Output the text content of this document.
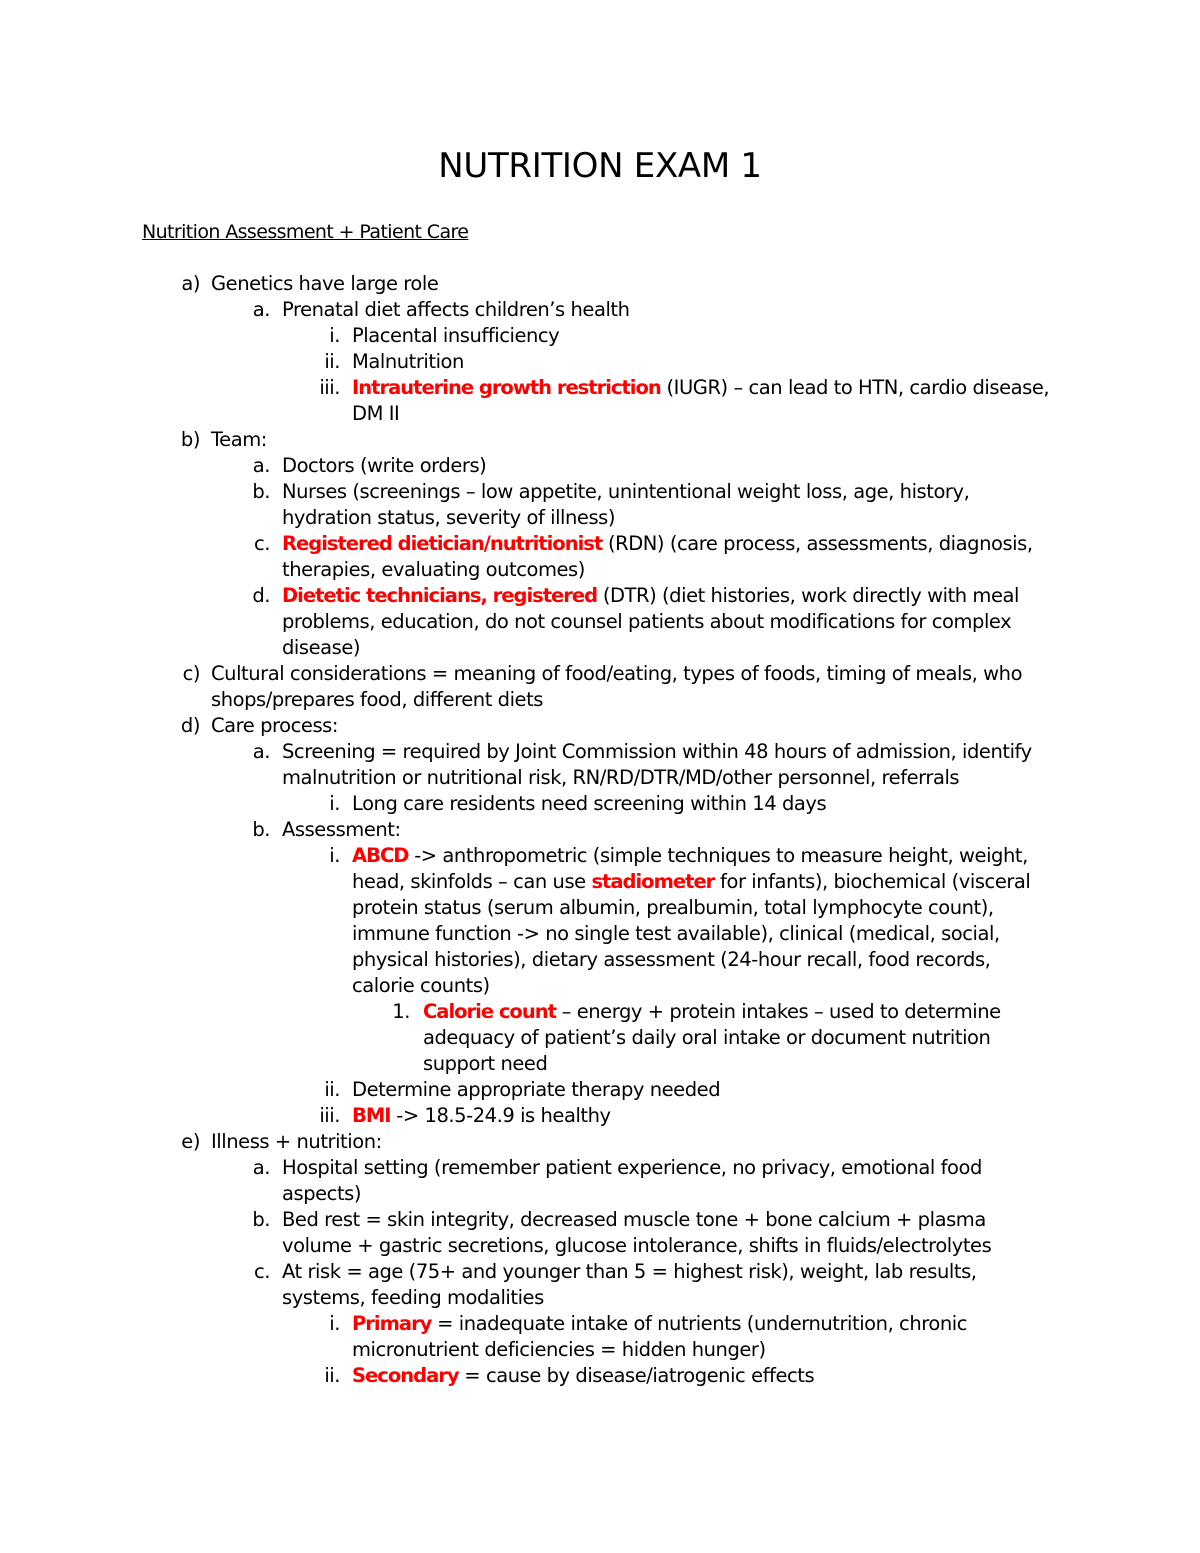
NUTRITION EXAM 1
Nutrition Assessment + Patient Care
a) Genetics have large role
a. Prenatal diet affects children’s health
i. Placental insufficiency
ii. Malnutrition
iii. Intrauterine growth restriction (IUGR) – can lead to HTN, cardio disease,
DM II
b) Team:
a. Doctors (write orders)
b. Nurses (screenings – low appetite, unintentional weight loss, age, history,
hydration status, severity of illness)
c. Registered dietician/nutritionist (RDN) (care process, assessments, diagnosis,
therapies, evaluating outcomes)
d. Dietetic technicians, registered (DTR) (diet histories, work directly with meal
problems, education, do not counsel patients about modifications for complex
disease)
c) Cultural considerations = meaning of food/eating, types of foods, timing of meals, who
shops/prepares food, different diets
d) Care process:
a. Screening = required by Joint Commission within 48 hours of admission, identify
malnutrition or nutritional risk, RN/RD/DTR/MD/other personnel, referrals
i. Long care residents need screening within 14 days
b. Assessment:
i. ABCD -> anthropometric (simple techniques to measure height, weight,
head, skinfolds – can use stadiometer for infants), biochemical (visceral
protein status (serum albumin, prealbumin, total lymphocyte count),
immune function -> no single test available), clinical (medical, social,
physical histories), dietary assessment (24-hour recall, food records,
calorie counts)
1. Calorie count – energy + protein intakes – used to determine
adequacy of patient’s daily oral intake or document nutrition
support need
ii. Determine appropriate therapy needed
iii. BMI -> 18.5-24.9 is healthy
e) Illness + nutrition:
a. Hospital setting (remember patient experience, no privacy, emotional food
aspects)
b. Bed rest = skin integrity, decreased muscle tone + bone calcium + plasma
volume + gastric secretions, glucose intolerance, shifts in fluids/electrolytes
c. At risk = age (75+ and younger than 5 = highest risk), weight, lab results,
systems, feeding modalities
i. Primary = inadequate intake of nutrients (undernutrition, chronic
micronutrient deficiencies = hidden hunger)
ii. Secondary = cause by disease/iatrogenic effects
